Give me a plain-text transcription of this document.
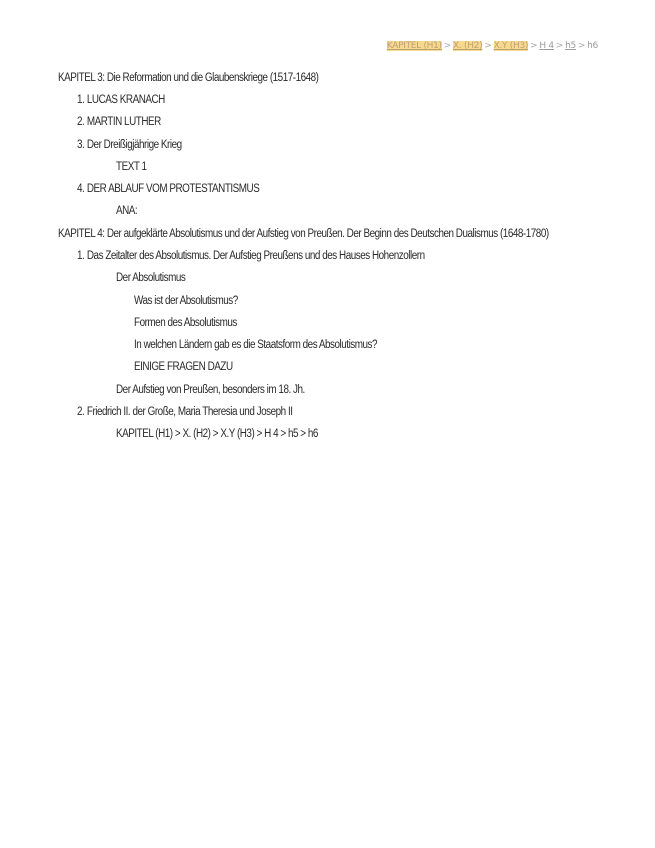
KAPITEL (H1) > X. (H2) > X.Y (H3) > H 4 > h5 > h6
KAPITEL 3: Die Reformation und die Glaubenskriege (1517-1648)
1. LUCAS KRANACH
2. MARTIN LUTHER
3. Der Dreißigjährige Krieg
TEXT 1
4. DER ABLAUF VOM PROTESTANTISMUS
ANA:
KAPITEL 4: Der aufgeklärte Absolutismus und der Aufstieg von Preußen. Der Beginn des Deutschen Dualismus (1648-1780)
1. Das Zeitalter des Absolutismus. Der Aufstieg Preußens und des Hauses Hohenzollern
Der Absolutismus
Was ist der Absolutismus?
Formen des Absolutismus
In welchen Ländern gab es die Staatsform des Absolutismus?
EINIGE FRAGEN DAZU
Der Aufstieg von Preußen, besonders im 18. Jh.
2. Friedrich II. der Große, Maria Theresia und Joseph II
KAPITEL (H1) > X. (H2) > X.Y (H3) > H 4 > h5 > h6
